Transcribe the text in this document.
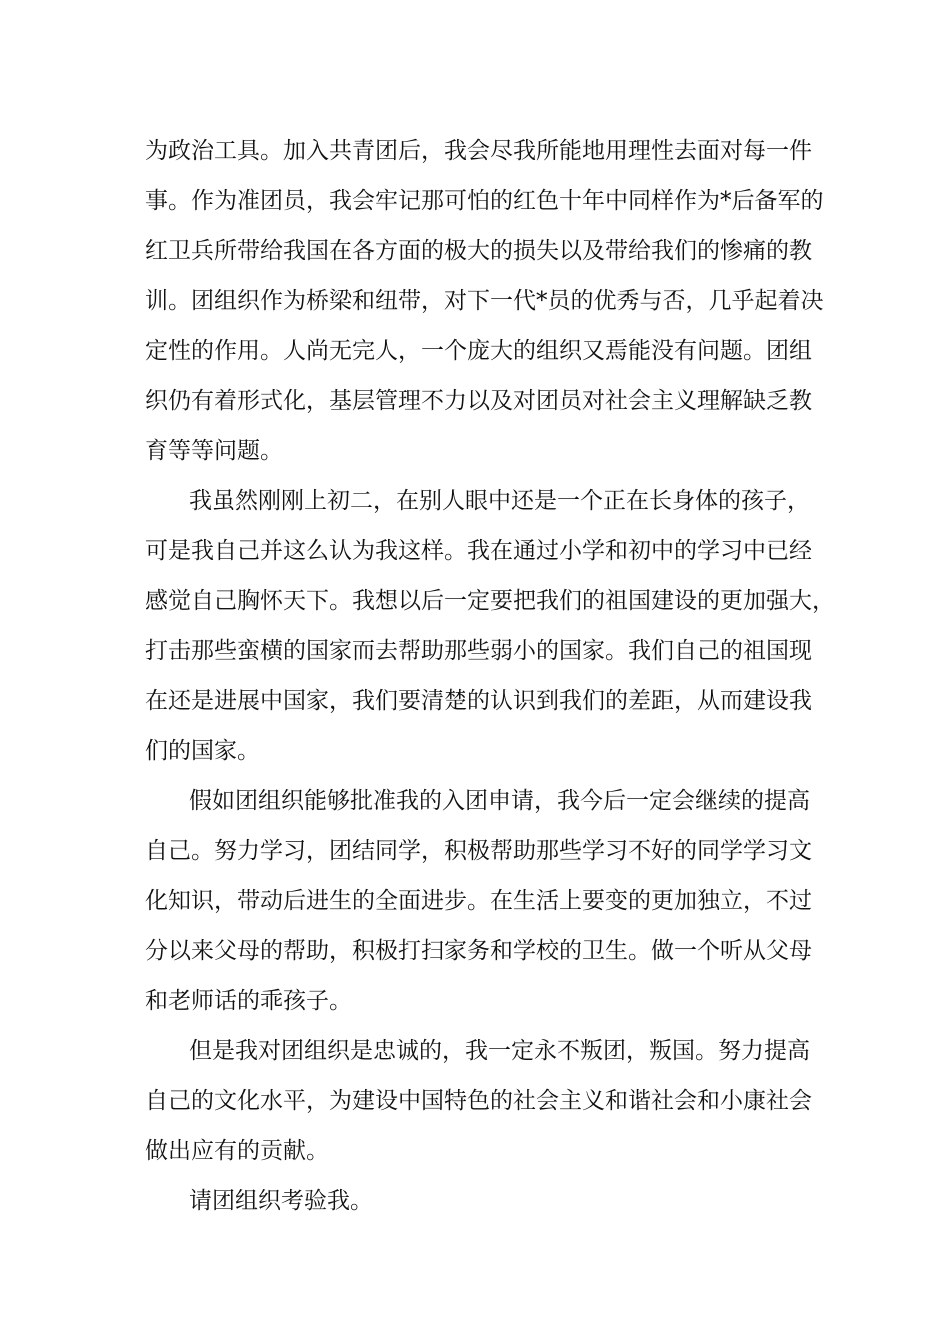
为政治工具。加入共青团后，我会尽我所能地用理性去面对每一件
事。作为准团员，我会牢记那可怕的红色十年中同样作为*后备军的
红卫兵所带给我国在各方面的极大的损失以及带给我们的惨痛的教
训。团组织作为桥梁和纽带，对下一代*员的优秀与否，几乎起着决
定性的作用。人尚无完人，一个庞大的组织又焉能没有问题。团组
织仍有着形式化，基层管理不力以及对团员对社会主义理解缺乏教
育等等问题。
我虽然刚刚上初二，在别人眼中还是一个正在长身体的孩子，
可是我自己并这么认为我这样。我在通过小学和初中的学习中已经
感觉自己胸怀天下。我想以后一定要把我们的祖国建设的更加强大，
打击那些蛮横的国家而去帮助那些弱小的国家。我们自己的祖国现
在还是进展中国家，我们要清楚的认识到我们的差距，从而建设我
们的国家。
假如团组织能够批准我的入团申请，我今后一定会继续的提高
自己。努力学习，团结同学，积极帮助那些学习不好的同学学习文
化知识，带动后进生的全面进步。在生活上要变的更加独立，不过
分以来父母的帮助，积极打扫家务和学校的卫生。做一个听从父母
和老师话的乖孩子。
但是我对团组织是忠诚的，我一定永不叛团，叛国。努力提高
自己的文化水平，为建设中国特色的社会主义和谐社会和小康社会
做出应有的贡献。
请团组织考验我。
